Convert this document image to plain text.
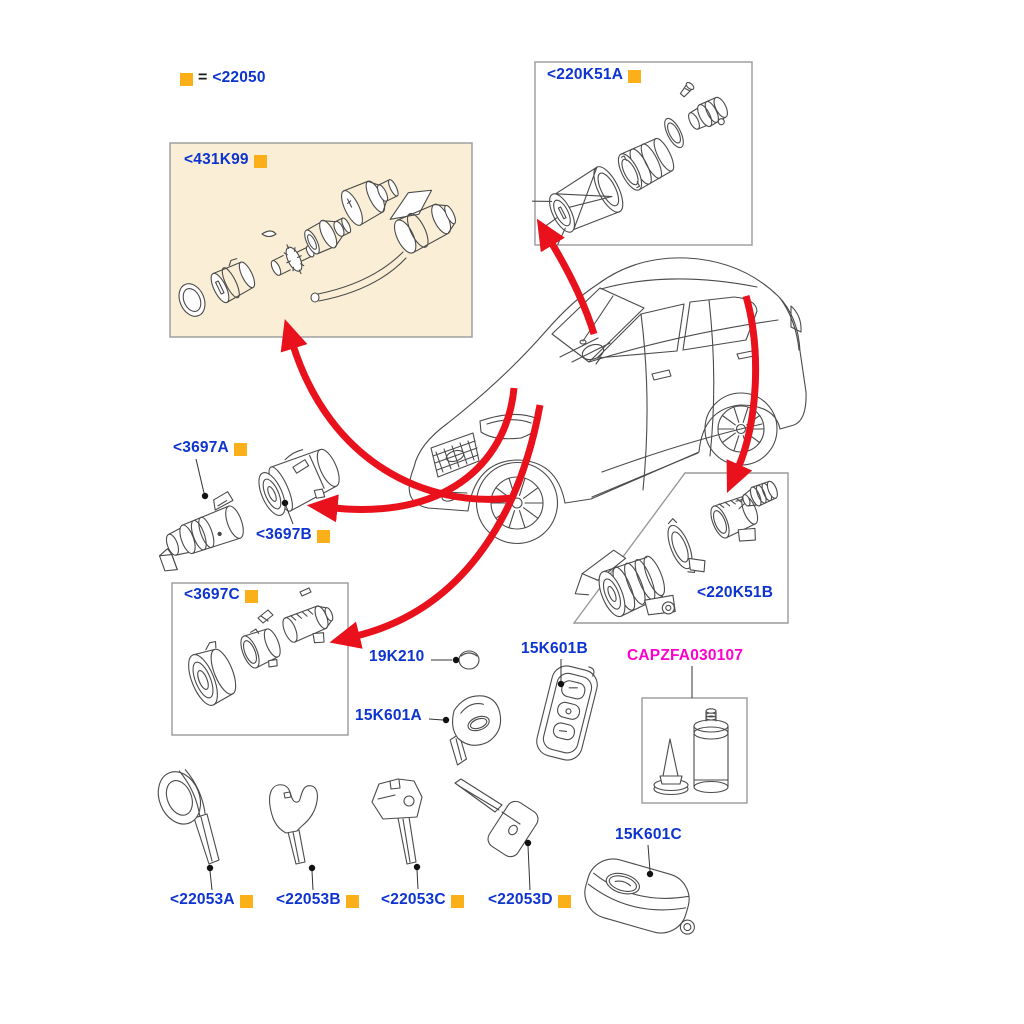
= <22050
<431K99
<220K51A
<3697A
<3697B
<3697C
19K210	15K601B
15K601A
CAPZFA030107
<220K51B
15K601C
<22053A	<22053B	<22053C	<22053D
